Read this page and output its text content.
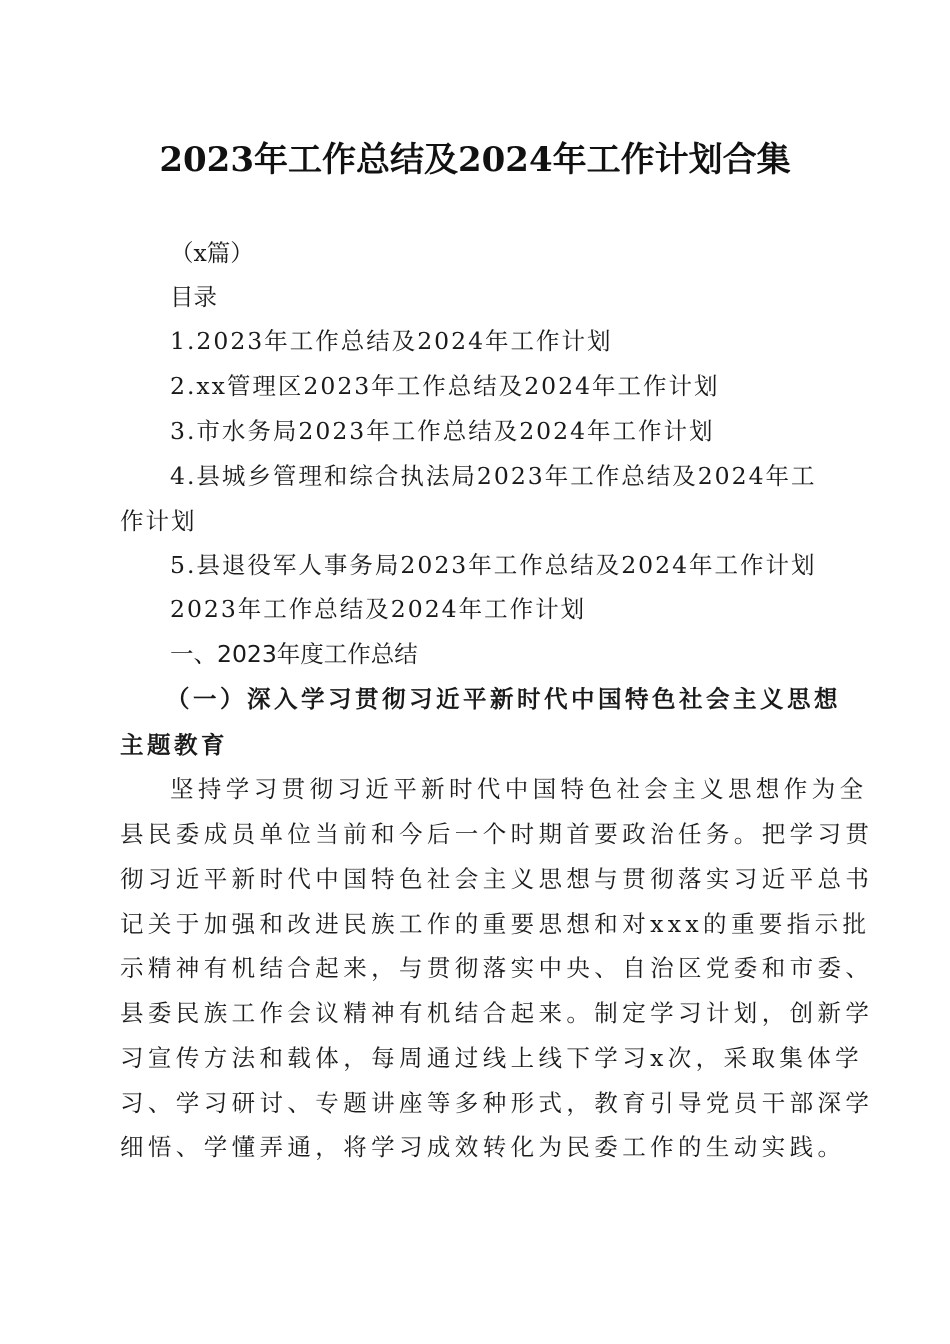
2023年工作总结及2024年工作计划合集
（x篇）
目录
1.2023年工作总结及2024年工作计划
2.xx管理区2023年工作总结及2024年工作计划
3.市水务局2023年工作总结及2024年工作计划
4.县城乡管理和综合执法局2023年工作总结及2024年工
作计划
5.县退役军人事务局2023年工作总结及2024年工作计划
2023年工作总结及2024年工作计划
一、2023年度工作总结
（一）深入学习贯彻习近平新时代中国特色社会主义思想
主题教育
坚持学习贯彻习近平新时代中国特色社会主义思想作为全
县民委成员单位当前和今后一个时期首要政治任务。把学习贯
彻习近平新时代中国特色社会主义思想与贯彻落实习近平总书
记关于加强和改进民族工作的重要思想和对xxx的重要指示批
示精神有机结合起来，与贯彻落实中央、自治区党委和市委、
县委民族工作会议精神有机结合起来。制定学习计划，创新学
习宣传方法和载体，每周通过线上线下学习x次，采取集体学
习、学习研讨、专题讲座等多种形式，教育引导党员干部深学
细悟、学懂弄通，将学习成效转化为民委工作的生动实践。
